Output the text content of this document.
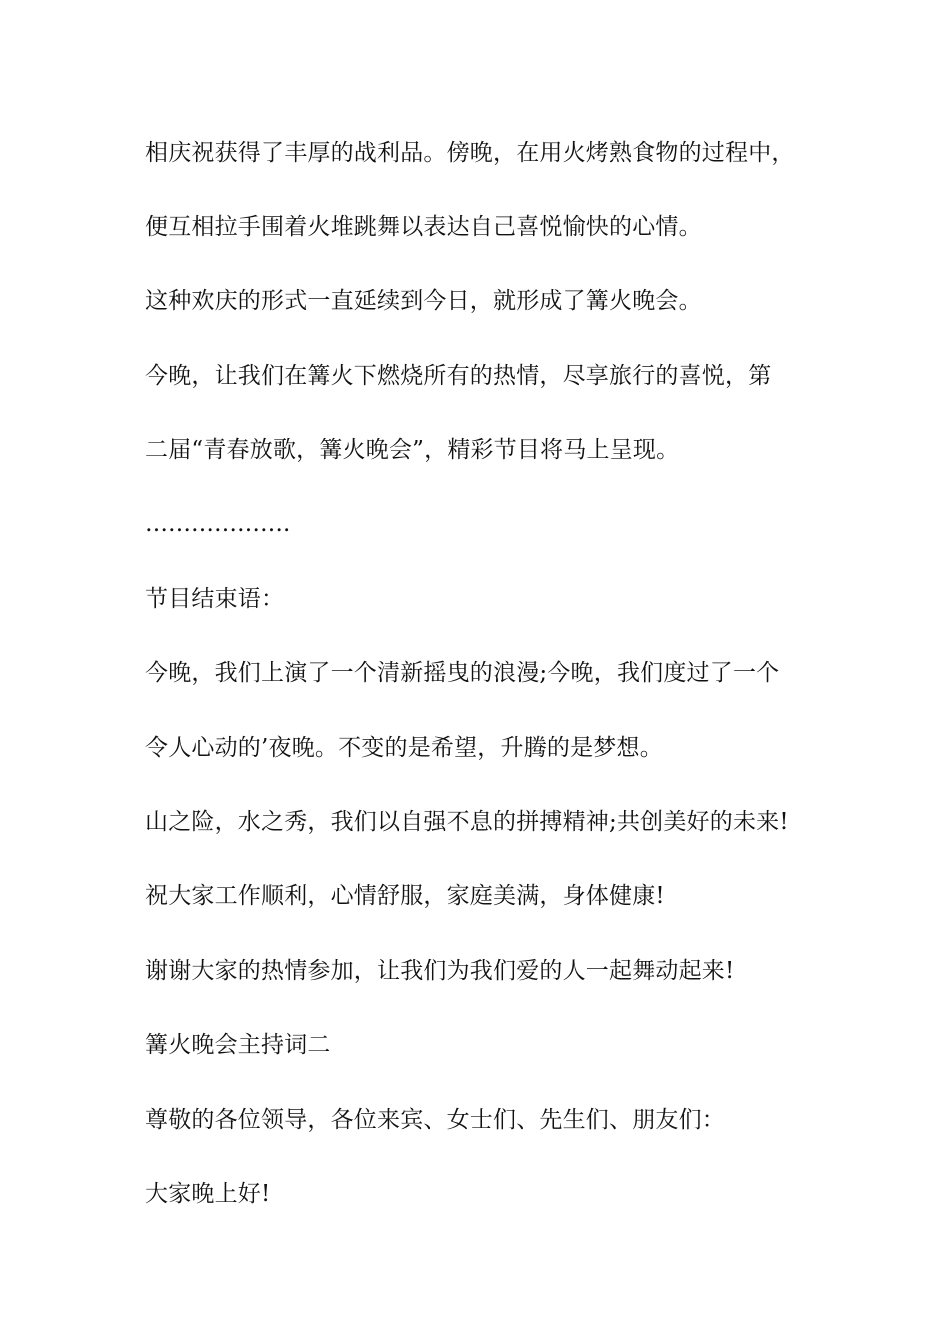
相庆祝获得了丰厚的战利品。傍晚，在用火烤熟食物的过程中，
便互相拉手围着火堆跳舞以表达自己喜悦愉快的心情。
这种欢庆的形式一直延续到今日，就形成了篝火晚会。
今晚，让我们在篝火下燃烧所有的热情，尽享旅行的喜悦，第
二届“青春放歌，篝火晚会”，精彩节目将马上呈现。
……………….
节目结束语：
今晚，我们上演了一个清新摇曳的浪漫;今晚，我们度过了一个
令人心动的’夜晚。不变的是希望，升腾的是梦想。
山之险，水之秀，我们以自强不息的拼搏精神;共创美好的未来!
祝大家工作顺利，心情舒服，家庭美满，身体健康!
谢谢大家的热情参加，让我们为我们爱的人一起舞动起来!
篝火晚会主持词二
尊敬的各位领导，各位来宾、女士们、先生们、朋友们：
大家晚上好!
